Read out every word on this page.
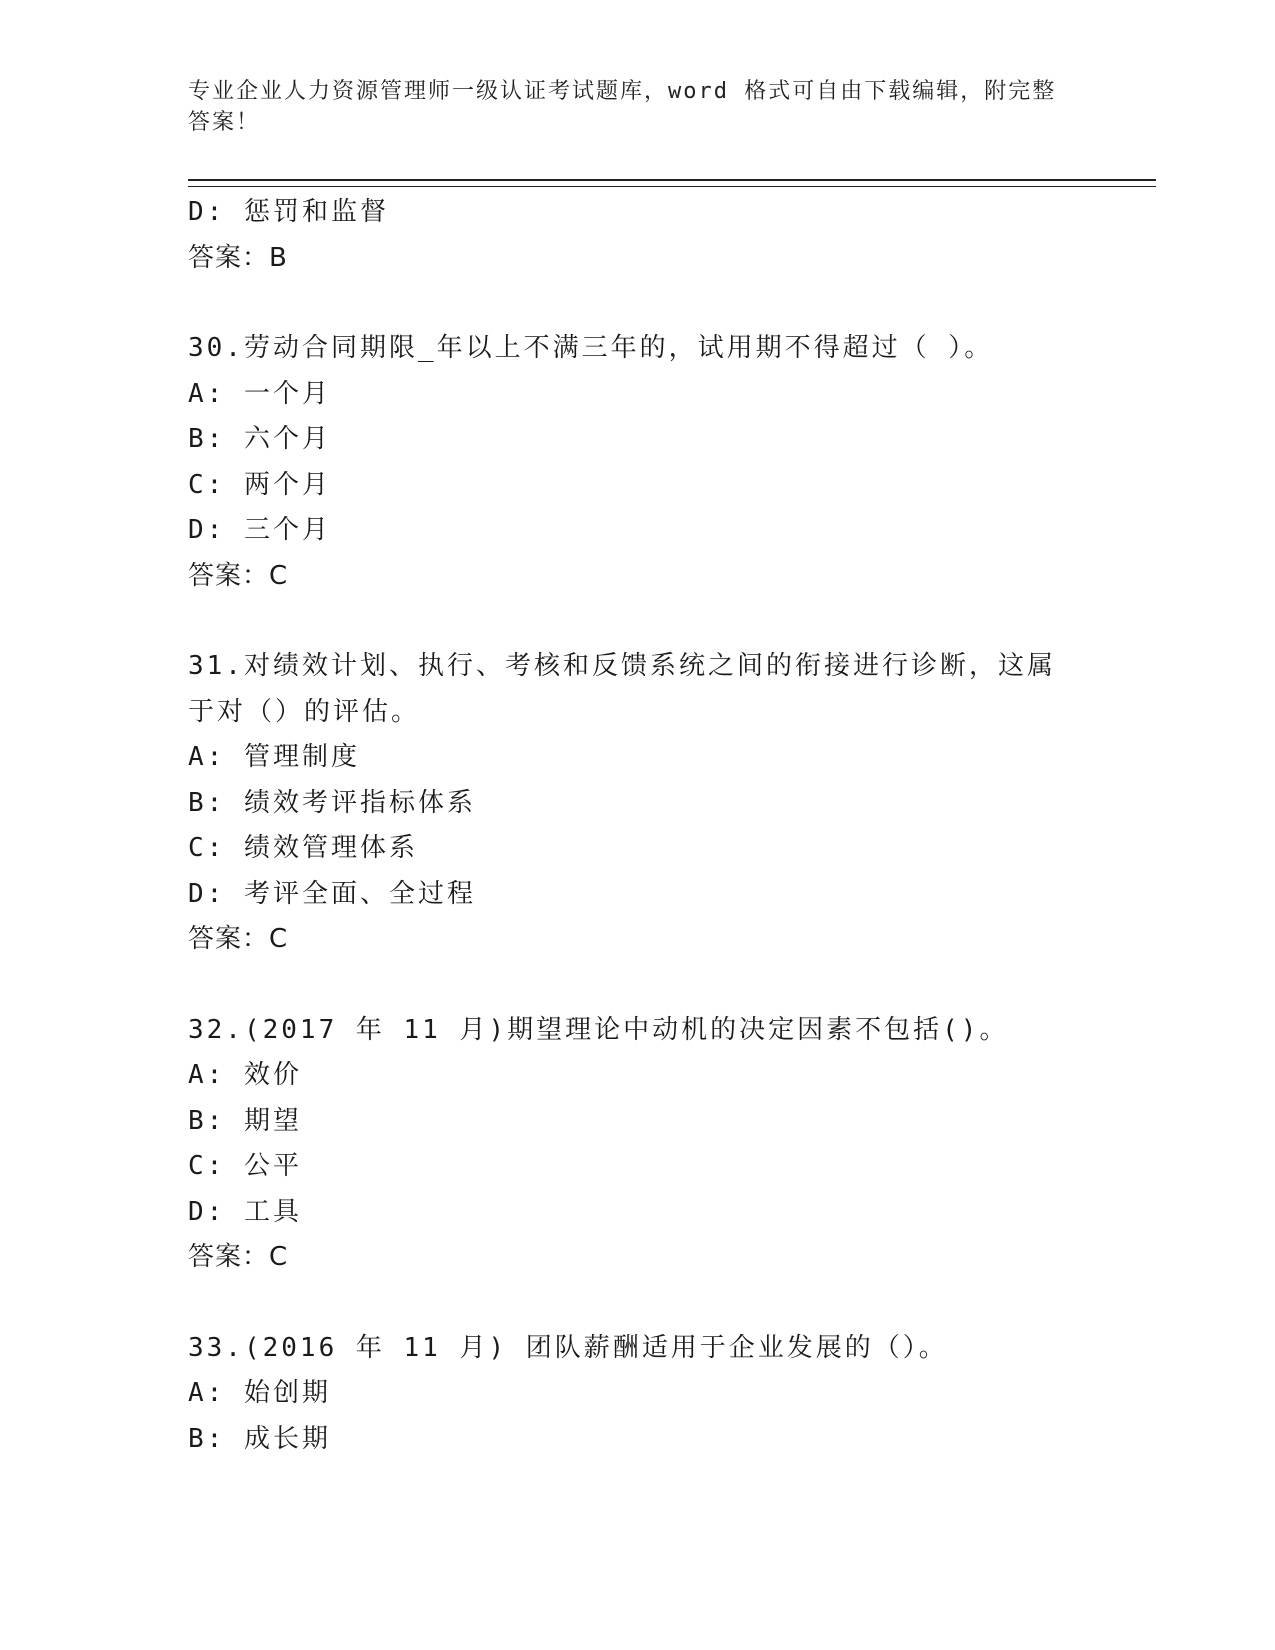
专业企业人力资源管理师一级认证考试题库，word 格式可自由下载编辑，附完整答案！
D: 惩罚和监督
答案：B
30.劳动合同期限_年以上不满三年的，试用期不得超过（ ）。
A: 一个月
B: 六个月
C: 两个月
D: 三个月
答案：C
31.对绩效计划、执行、考核和反馈系统之间的衔接进行诊断，这属于对（）的评估。
A: 管理制度
B: 绩效考评指标体系
C: 绩效管理体系
D: 考评全面、全过程
答案：C
32.(2017 年 11 月)期望理论中动机的决定因素不包括()。
A: 效价
B: 期望
C: 公平
D: 工具
答案：C
33.(2016 年 11 月) 团队薪酬适用于企业发展的（）。
A: 始创期
B: 成长期
